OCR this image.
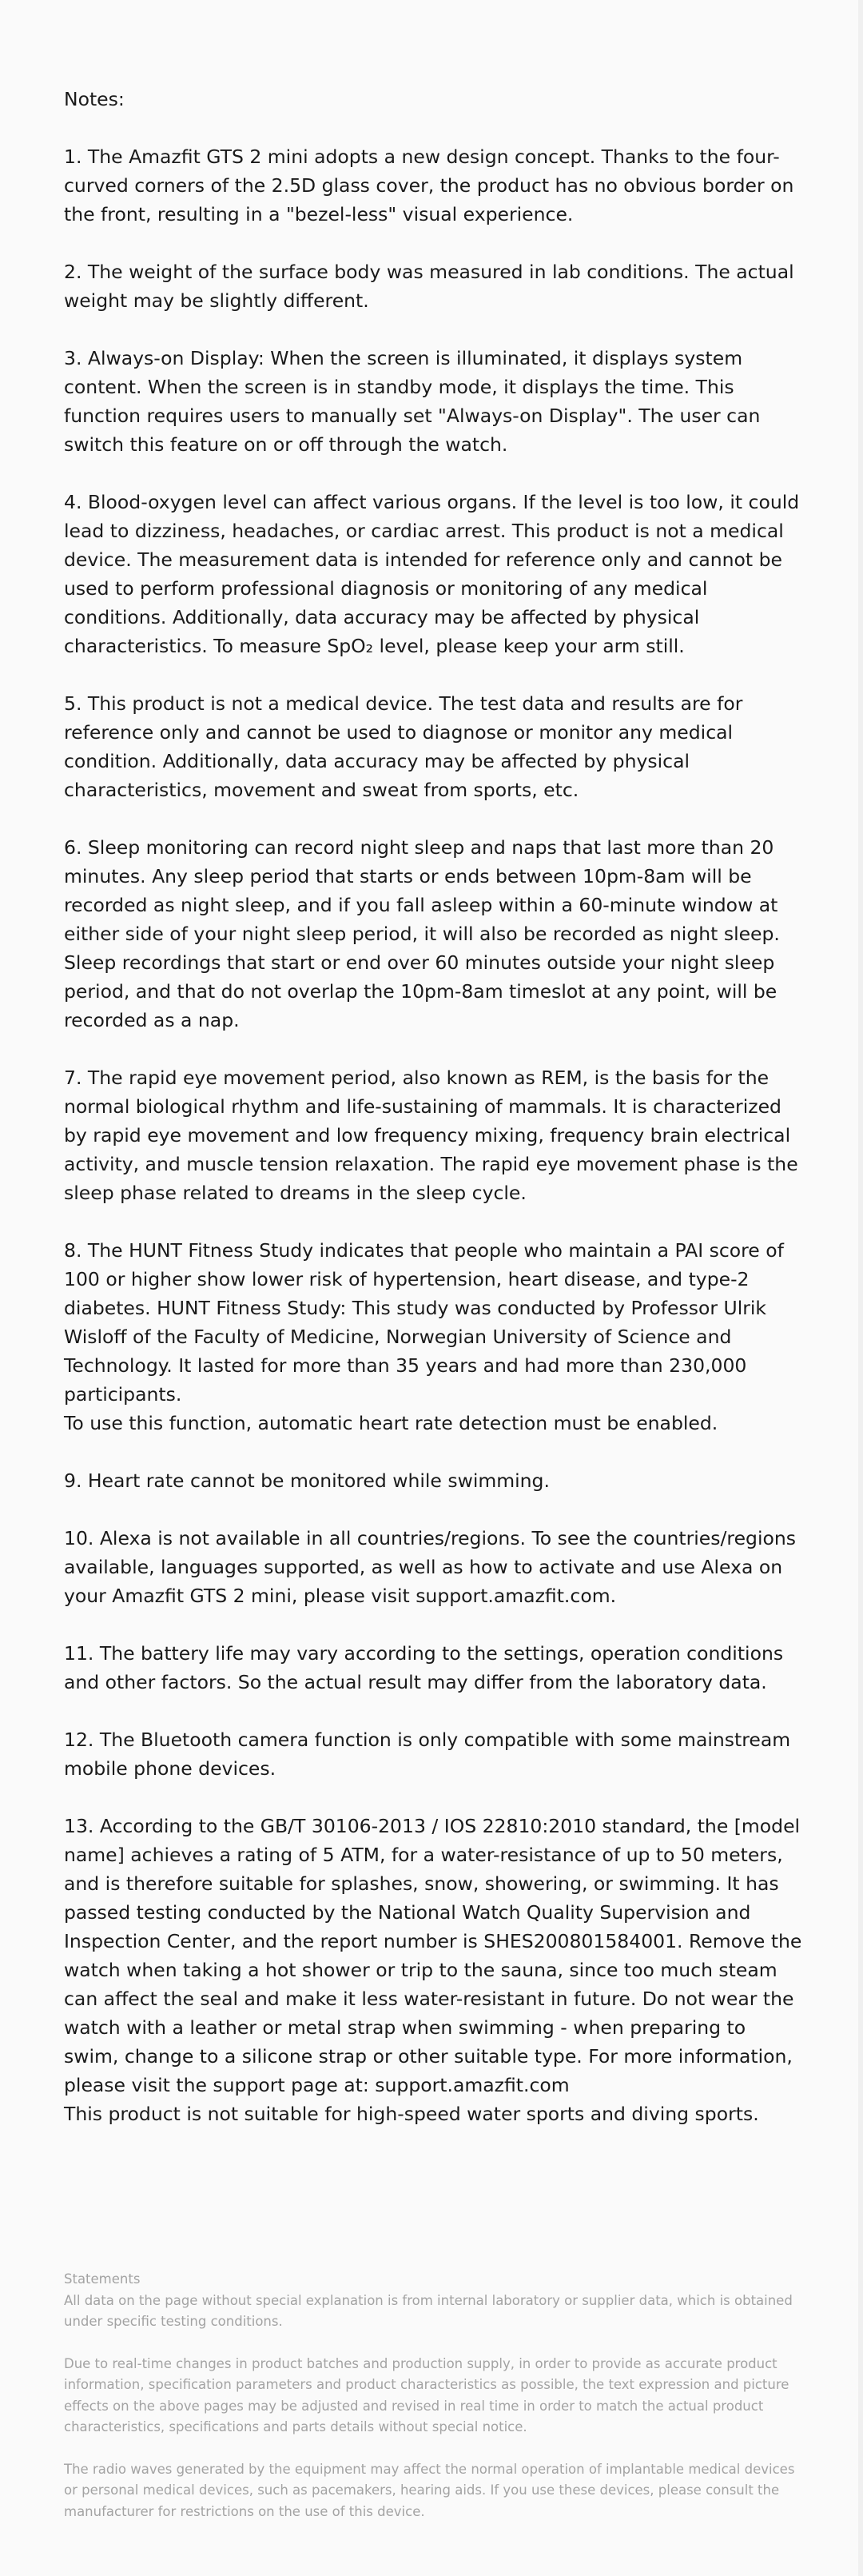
Notes:

1. The Amazfit GTS 2 mini adopts a new design concept. Thanks to the four-curved corners of the 2.5D glass cover, the product has no obvious border on the front, resulting in a "bezel-less" visual experience.

2. The weight of the surface body was measured in lab conditions. The actual weight may be slightly different.

3. Always-on Display: When the screen is illuminated, it displays system content. When the screen is in standby mode, it displays the time. This function requires users to manually set "Always-on Display". The user can switch this feature on or off through the watch.

4. Blood-oxygen level can affect various organs. If the level is too low, it could lead to dizziness, headaches, or cardiac arrest. This product is not a medical device. The measurement data is intended for reference only and cannot be used to perform professional diagnosis or monitoring of any medical conditions. Additionally, data accuracy may be affected by physical characteristics. To measure SpO₂ level, please keep your arm still.

5. This product is not a medical device. The test data and results are for reference only and cannot be used to diagnose or monitor any medical condition. Additionally, data accuracy may be affected by physical characteristics, movement and sweat from sports, etc.

6. Sleep monitoring can record night sleep and naps that last more than 20 minutes. Any sleep period that starts or ends between 10pm-8am will be recorded as night sleep, and if you fall asleep within a 60-minute window at either side of your night sleep period, it will also be recorded as night sleep. Sleep recordings that start or end over 60 minutes outside your night sleep period, and that do not overlap the 10pm-8am timeslot at any point, will be recorded as a nap.

7. The rapid eye movement period, also known as REM, is the basis for the normal biological rhythm and life-sustaining of mammals. It is characterized by rapid eye movement and low frequency mixing, frequency brain electrical activity, and muscle tension relaxation. The rapid eye movement phase is the sleep phase related to dreams in the sleep cycle.

8. The HUNT Fitness Study indicates that people who maintain a PAI score of 100 or higher show lower risk of hypertension, heart disease, and type-2 diabetes. HUNT Fitness Study: This study was conducted by Professor Ulrik Wisloff of the Faculty of Medicine, Norwegian University of Science and Technology. It lasted for more than 35 years and had more than 230,000 participants.

To use this function, automatic heart rate detection must be enabled.

9. Heart rate cannot be monitored while swimming.

10. Alexa is not available in all countries/regions. To see the countries/regions available, languages supported, as well as how to activate and use Alexa on your Amazfit GTS 2 mini, please visit support.amazfit.com.

11. The battery life may vary according to the settings, operation conditions and other factors. So the actual result may differ from the laboratory data.

12. The Bluetooth camera function is only compatible with some mainstream mobile phone devices.

13. According to the GB/T 30106-2013 / IOS 22810:2010 standard, the [model name] achieves a rating of 5 ATM, for a water-resistance of up to 50 meters, and is therefore suitable for splashes, snow, showering, or swimming. It has passed testing conducted by the National Watch Quality Supervision and Inspection Center, and the report number is SHES200801584001. Remove the watch when taking a hot shower or trip to the sauna, since too much steam can affect the seal and make it less water-resistant in future. Do not wear the watch with a leather or metal strap when swimming - when preparing to swim, change to a silicone strap or other suitable type. For more information, please visit the support page at: support.amazfit.com

This product is not suitable for high-speed water sports and diving sports.

Statements
All data on the page without special explanation is from internal laboratory or supplier data, which is obtained under specific testing conditions.
Due to real-time changes in product batches and production supply, in order to provide as accurate product information, specification parameters and product characteristics as possible, the text expression and picture effects on the above pages may be adjusted and revised in real time in order to match the actual product characteristics, specifications and parts details without special notice.
The radio waves generated by the equipment may affect the normal operation of implantable medical devices or personal medical devices, such as pacemakers, hearing aids. If you use these devices, please consult the manufacturer for restrictions on the use of this device.
